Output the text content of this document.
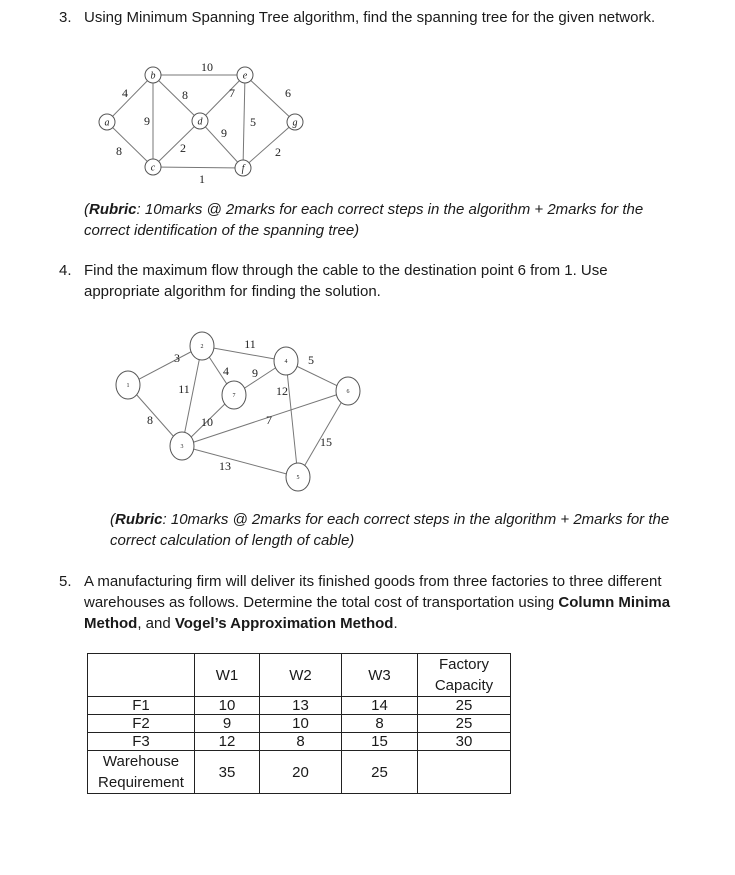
3. Using Minimum Spanning Tree algorithm, find the spanning tree for the given network.
4
8
9
8
10
2
1
7
9
5
6
2
a
b
c
d
e
f
g
(Rubric: 10marks @ 2marks for each correct steps in the algorithm + 2marks for the correct identification of the spanning tree)
4. Find the maximum flow through the cable to the destination point 6 from 1. Use appropriate algorithm for finding the solution.
3
8
11
11
4
10
13
7
9
12
5
15
1
2
3
4
5
6
7
(Rubric: 10marks @ 2marks for each correct steps in the algorithm + 2marks for the correct calculation of length of cable)
5. A manufacturing firm will deliver its finished goods from three factories to three different warehouses as follows. Determine the total cost of transportation using Column Minima Method, and Vogel’s Approximation Method.
	W1	W2	W3	Factory Capacity
F1	10	13	14	25
F2	9	10	8	25
F3	12	8	15	30
Warehouse Requirement	35	20	25	
